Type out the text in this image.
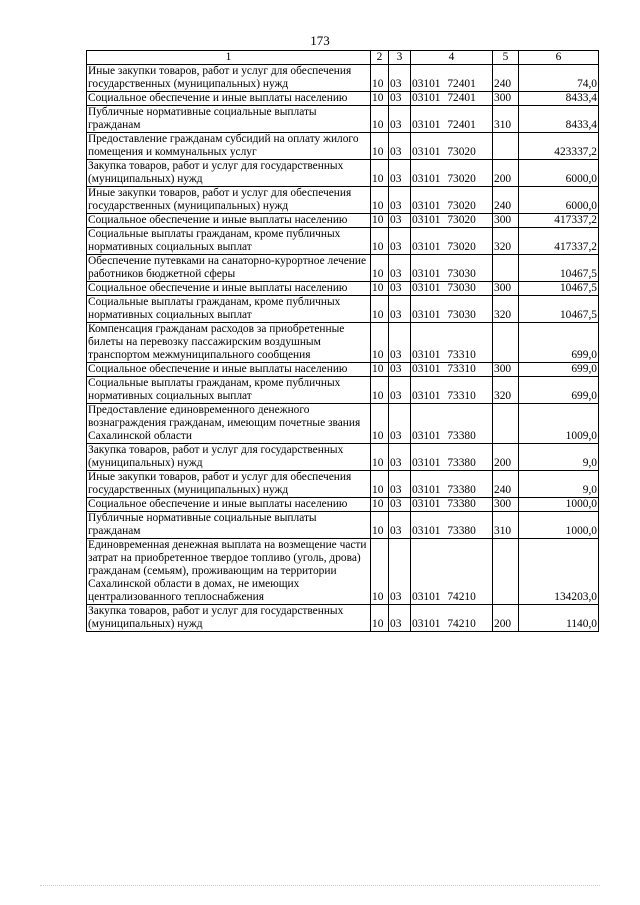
173
1	2	3	4	5	6
Иные закупки товаров, работ и услуг для обеспечения государственных (муниципальных) нужд	10	03	03101 72401	240	74,0
Социальное обеспечение и иные выплаты населению	10	03	03101 72401	300	8433,4
Публичные нормативные социальные выплаты гражданам	10	03	03101 72401	310	8433,4
Предоставление гражданам субсидий на оплату жилого помещения и коммунальных услуг	10	03	03101 73020		423337,2
Закупка товаров, работ и услуг для государственных (муниципальных) нужд	10	03	03101 73020	200	6000,0
Иные закупки товаров, работ и услуг для обеспечения государственных (муниципальных) нужд	10	03	03101 73020	240	6000,0
Социальное обеспечение и иные выплаты населению	10	03	03101 73020	300	417337,2
Социальные выплаты гражданам, кроме публичных нормативных социальных выплат	10	03	03101 73020	320	417337,2
Обеспечение путевками на санаторно-курортное лечение работников бюджетной сферы	10	03	03101 73030		10467,5
Социальное обеспечение и иные выплаты населению	10	03	03101 73030	300	10467,5
Социальные выплаты гражданам, кроме публичных нормативных социальных выплат	10	03	03101 73030	320	10467,5
Компенсация гражданам расходов за приобретенные билеты на перевозку пассажирским воздушным транспортом межмуниципального сообщения	10	03	03101 73310		699,0
Социальное обеспечение и иные выплаты населению	10	03	03101 73310	300	699,0
Социальные выплаты гражданам, кроме публичных нормативных социальных выплат	10	03	03101 73310	320	699,0
Предоставление единовременного денежного вознаграждения гражданам, имеющим почетные звания Сахалинской области	10	03	03101 73380		1009,0
Закупка товаров, работ и услуг для государственных (муниципальных) нужд	10	03	03101 73380	200	9,0
Иные закупки товаров, работ и услуг для обеспечения государственных (муниципальных) нужд	10	03	03101 73380	240	9,0
Социальное обеспечение и иные выплаты населению	10	03	03101 73380	300	1000,0
Публичные нормативные социальные выплаты гражданам	10	03	03101 73380	310	1000,0
Единовременная денежная выплата на возмещение части затрат на приобретенное твердое топливо (уголь, дрова) гражданам (семьям), проживающим на территории Сахалинской области в домах, не имеющих централизованного теплоснабжения	10	03	03101 74210		134203,0
Закупка товаров, работ и услуг для государственных (муниципальных) нужд	10	03	03101 74210	200	1140,0
